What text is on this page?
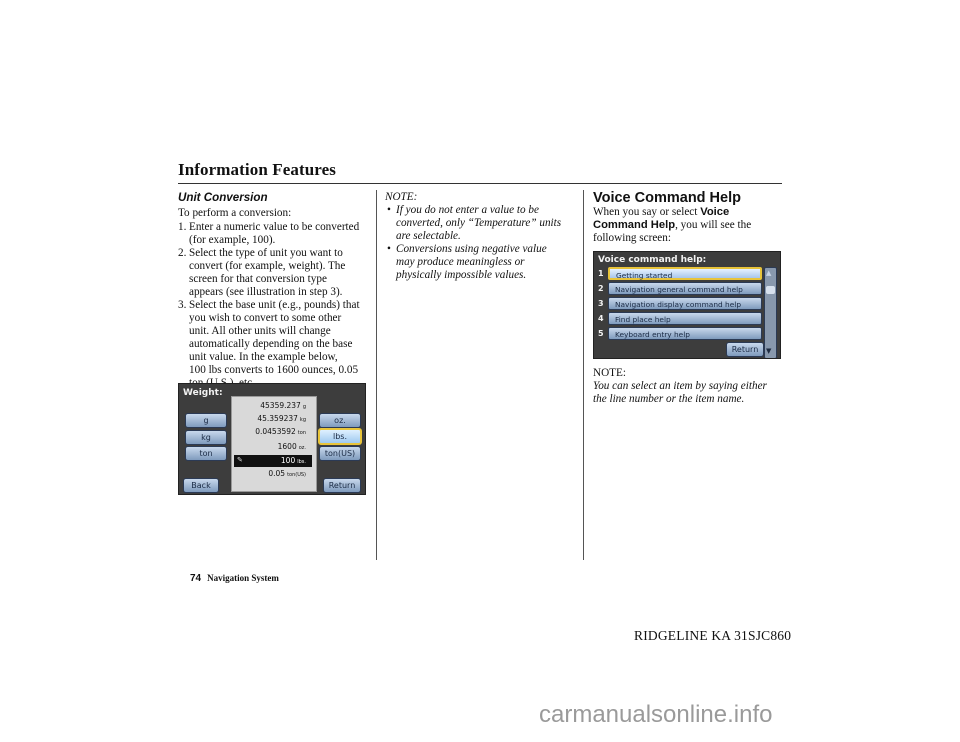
Information Features
Unit Conversion
To perform a conversion:
1. Enter a numeric value to be converted
(for example, 100).
2. Select the type of unit you want to
convert (for example, weight). The
screen for that conversion type
appears (see illustration in step 3).
3. Select the base unit (e.g., pounds) that
you wish to convert to some other
unit. All other units will change
automatically depending on the base
unit value. In the example below,
100 lbs converts to 1600 ounces, 0.05
Weight:
g
kg
ton
45359.237 g
45.359237 kg
0.0453592 ton
1600 oz.
✎	100 lbs.
0.05 ton(US)
oz.
lbs.
ton(US)
Back	Return
NOTE:
• If you do not enter a value to be
converted, only “Temperature” units
are selectable.
• Conversions using negative value
may produce meaningless or
physically impossible values.
Voice Command Help
When you say or select Voice
Command Help, you will see the
following screen:
Voice command help:
1	Getting started
2	Navigation general command help
3	Navigation display command help
4	Find place help
5	Keyboard entry help
▲
▼
Return
NOTE:
You can select an item by saying either
the line number or the item name.
74 Navigation System
RIDGELINE KA 31SJC860
carmanualsonline.info
